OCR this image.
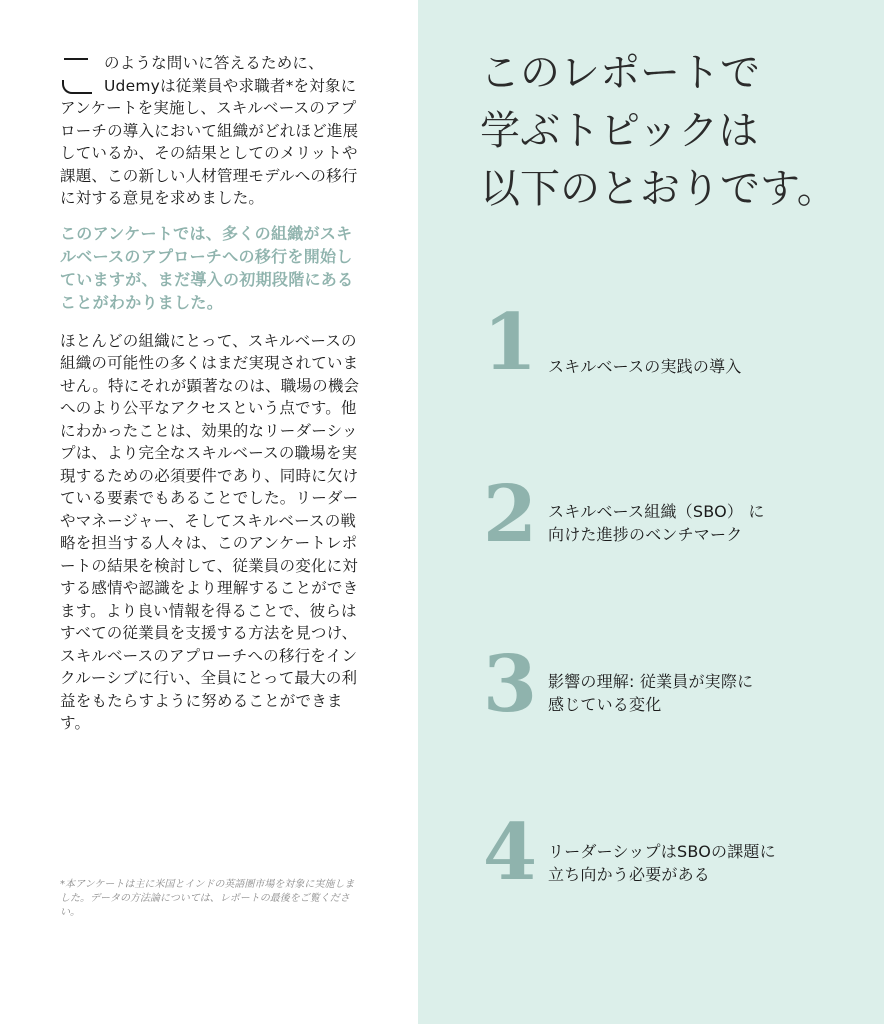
のような問いに答えるために、
Udemyは従業員や求職者*を対象にアンケートを実施し、スキルベースのアプローチの導入において組織がどれほど進展しているか、その結果としてのメリットや課題、この新しい人材管理モデルへの移行に対する意見を求めました。

このアンケートでは、多くの組織がスキルベースのアプローチへの移行を開始していますが、まだ導入の初期段階にあることがわかりました。

ほとんどの組織にとって、スキルベースの組織の可能性の多くはまだ実現されていません。特にそれが顕著なのは、職場の機会へのより公平なアクセスという点です。他にわかったことは、効果的なリーダーシップは、より完全なスキルベースの職場を実現するための必須要件であり、同時に欠けている要素でもあることでした。リーダーやマネージャー、そしてスキルベースの戦略を担当する人々は、このアンケートレポートの結果を検討して、従業員の変化に対する感情や認識をより理解することができます。より良い情報を得ることで、彼らはすべての従業員を支援する方法を見つけ、スキルベースのアプローチへの移行をインクルーシブに行い、全員にとって最大の利益をもたらすように努めることができます。

*本アンケートは主に米国とインドの英語圏市場を対象に実施しました。データの方法論については、レポートの最後をご覧ください。

このレポートで
学ぶトピックは
以下のとおりです。
1 スキルベースの実践の導入
2 スキルベース組織（SBO） に
向けた進捗のベンチマーク
3 影響の理解: 従業員が実際に
感じている変化
4 リーダーシップはSBOの課題に
立ち向かう必要がある
